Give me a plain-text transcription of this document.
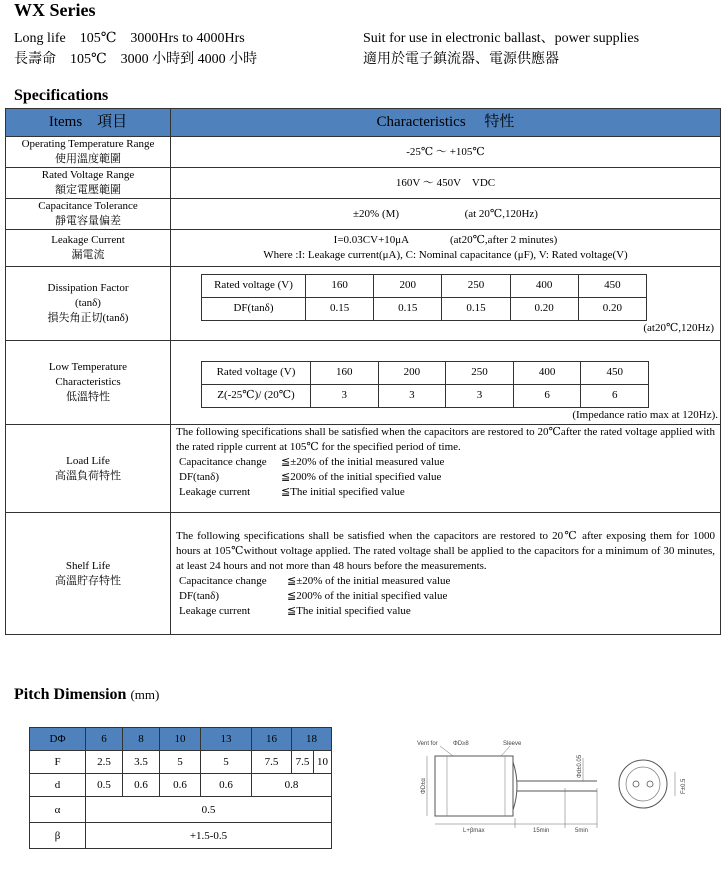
WX Series
Long life　105℃　3000Hrs to 4000Hrs	Suit for use in electronic ballast、power supplies
長壽命　105℃　3000 小時到 4000 小時	適用於電子鎮流器、電源供應器
Specifications
Items　項目	Characteristics　 特性

Operating Temperature Range
使用溫度範圍
	-25℃ ～ +105℃

Rated Voltage Range
額定電壓範圍
	160V ～ 450V　VDC

Capacitance Tolerance
靜電容量偏差
	±20% (M)	(at 20℃,120Hz)

Leakage Current
漏電流

I=0.03CV+10μA	(at20℃,after 2 minutes)
Where :I: Leakage current(μA), C: Nominal capacitance (μF), V: Rated voltage(V)

Dissipation Factor
(tanδ)
損失角正切(tanδ)

Rated voltage (V)	160	200	250	400	450
DF(tanδ)	0.15	0.15	0.15	0.20	0.20
(at20℃,120Hz)

Low Temperature
Characteristics
低溫特性

Rated voltage (V)	160	200	250	400	450
Z(-25℃)/ (20℃)	3	3	3	6	6
(Impedance ratio max at 120Hz).

Load Life
高溫負荷特性

The following specifications shall be satisfied when the capacitors are restored to 20℃after the rated voltage applied with the rated ripple current at 105℃ for the specified period of time.
Capacitance change ≦±20% of the initial measured value
DF(tanδ)	≦200% of the initial specified value
Leakage current	≦The initial specified value

Shelf Life
高溫貯存特性

The following specifications shall be satisfied when the capacitors are restored to 20℃ after exposing them for 1000 hours at 105℃without voltage applied. The rated voltage shall be applied to the capacitors for a minimum of 30 minutes, at least 24 hours and not more than 48 hours before the measurements.
Capacitance change ≦±20% of the initial measured value
DF(tanδ)	≦200% of the initial specified value
Leakage current	≦The initial specified value
Pitch Dimension (mm)
DΦ	6	8	10	13	16	18	
F	2.5	3.5	5	5	7.5	7.5	10
d	0.5	0.6	0.6	0.6	0.8		
α	0.5						
β	+1.5-0.5						
Vent for	ΦD≥8	Sleeve
ΦD±α
Φd±0.05
L+βmax	15min	5min
F±0.5
